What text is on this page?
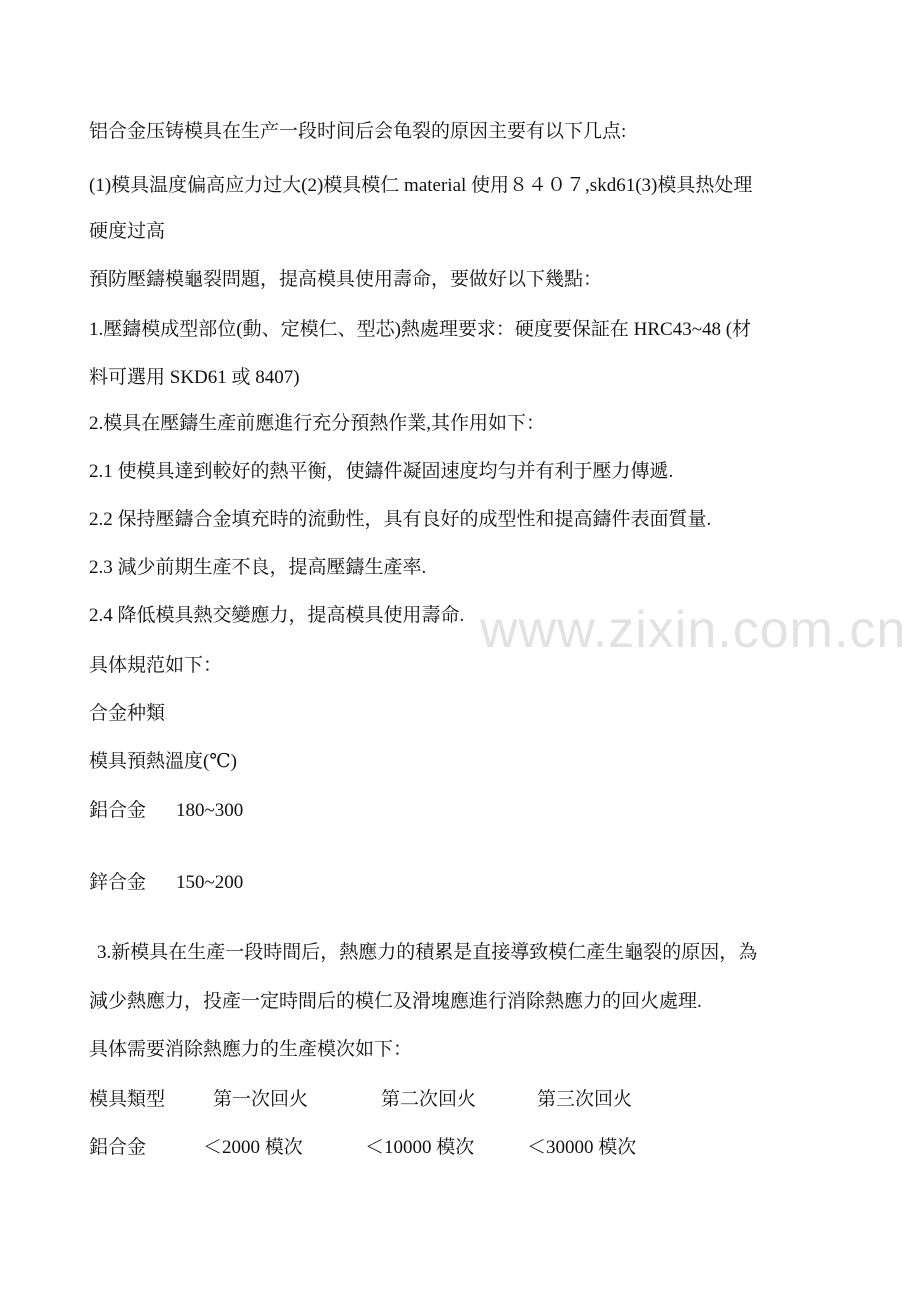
www.zixin.com.cn
铝合金压铸模具在生产一段时间后会龟裂的原因主要有以下几点:
(1)模具温度偏高应力过大(2)模具模仁 material 使用８４０７,skd61(3)模具热处理
硬度过高
預防壓鑄模龜裂問題，提高模具使用壽命，要做好以下幾點：
1.壓鑄模成型部位(動、定模仁、型芯)熱處理要求：硬度要保証在 HRC43~48 (材
料可選用 SKD61 或 8407)
2.模具在壓鑄生產前應進行充分預熱作業,其作用如下：
2.1 使模具達到較好的熱平衡，使鑄件凝固速度均勻并有利于壓力傳遞.
2.2 保持壓鑄合金填充時的流動性，具有良好的成型性和提高鑄件表面質量.
2.3 減少前期生產不良，提高壓鑄生產率.
2.4 降低模具熱交變應力，提高模具使用壽命.
具体規范如下：
合金种類
模具預熱溫度(℃)
鋁合金 180~300
鋅合金 150~200
3.新模具在生產一段時間后，熱應力的積累是直接導致模仁產生龜裂的原因，為
減少熱應力，投產一定時間后的模仁及滑塊應進行消除熱應力的回火處理.
具体需要消除熱應力的生產模次如下：
模具類型	第一次回火	第二次回火	第三次回火
鋁合金	＜2000 模次	＜10000 模次	＜30000 模次
